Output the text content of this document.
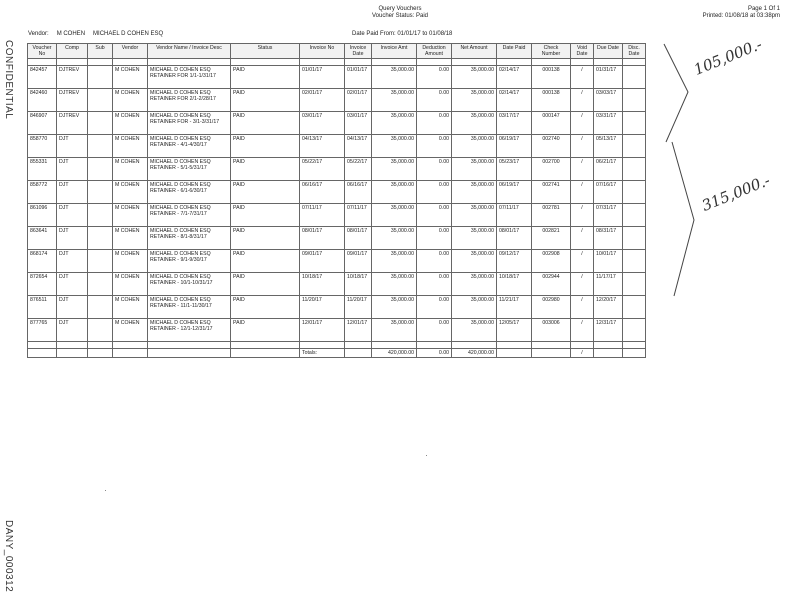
CONFIDENTIAL
DANY_000312
Query Vouchers
Voucher Status: Paid
Page 1 Of 1
Printed: 01/08/18 at 03:38pm
Vendor: M COHEN MICHAEL D COHEN ESQ	Date Paid From: 01/01/17 to 01/08/18
Voucher No	Comp	Sub	Vendor	Vendor Name / Invoice Desc	Status	Invoice No	Invoice Date	Invoice Amt	Deduction Amount	Net Amount	Date Paid	Check Number	Void Date	Due Date	Disc. Date

842457	DJTREV		M COHEN	MICHAEL D COHEN ESQ RETAINER FOR 1/1-1/31/17	PAID	01/01/17	01/01/17	35,000.00	0.00	35,000.00	02/14/17	000138	/	01/31/17	
842460	DJTREV		M COHEN	MICHAEL D COHEN ESQ RETAINER FOR 2/1-2/28/17	PAID	02/01/17	02/01/17	35,000.00	0.00	35,000.00	02/14/17	000138	/	03/03/17	
846907	DJTREV		M COHEN	MICHAEL D COHEN ESQ RETAINER FOR - 3/1-3/31/17	PAID	03/01/17	03/01/17	35,000.00	0.00	35,000.00	03/17/17	000147	/	03/31/17	
858770	DJT		M COHEN	MICHAEL D COHEN ESQ RETAINER - 4/1-4/30/17	PAID	04/13/17	04/13/17	35,000.00	0.00	35,000.00	06/19/17	002740	/	05/13/17	
855331	DJT		M COHEN	MICHAEL D COHEN ESQ RETAINER - 5/1-5/31/17	PAID	05/22/17	05/22/17	35,000.00	0.00	35,000.00	05/23/17	002700	/	06/21/17	
858772	DJT		M COHEN	MICHAEL D COHEN ESQ RETAINER - 6/1-6/30/17	PAID	06/16/17	06/16/17	35,000.00	0.00	35,000.00	06/19/17	002741	/	07/16/17	
861096	DJT		M COHEN	MICHAEL D COHEN ESQ RETAINER - 7/1-7/31/17	PAID	07/11/17	07/11/17	35,000.00	0.00	35,000.00	07/11/17	002781	/	07/31/17	
863641	DJT		M COHEN	MICHAEL D COHEN ESQ RETAINER - 8/1-8/31/17	PAID	08/01/17	08/01/17	35,000.00	0.00	35,000.00	08/01/17	002821	/	08/31/17	
868174	DJT		M COHEN	MICHAEL D COHEN ESQ RETAINER - 9/1-9/30/17	PAID	09/01/17	09/01/17	35,000.00	0.00	35,000.00	09/12/17	002908	/	10/01/17	
872654	DJT		M COHEN	MICHAEL D COHEN ESQ RETAINER - 10/1-10/31/17	PAID	10/18/17	10/18/17	35,000.00	0.00	35,000.00	10/18/17	002944	/	11/17/17	
876511	DJT		M COHEN	MICHAEL D COHEN ESQ RETAINER - 11/1-11/30/17	PAID	11/20/17	11/20/17	35,000.00	0.00	35,000.00	11/21/17	002980	/	12/20/17	
877765	DJT		M COHEN	MICHAEL D COHEN ESQ RETAINER - 12/1-12/31/17	PAID	12/01/17	12/01/17	35,000.00	0.00	35,000.00	12/05/17	003006	/	12/31/17	

						Totals:		420,000.00	0.00	420,000.00			/		
105,000.-
315,000.-
